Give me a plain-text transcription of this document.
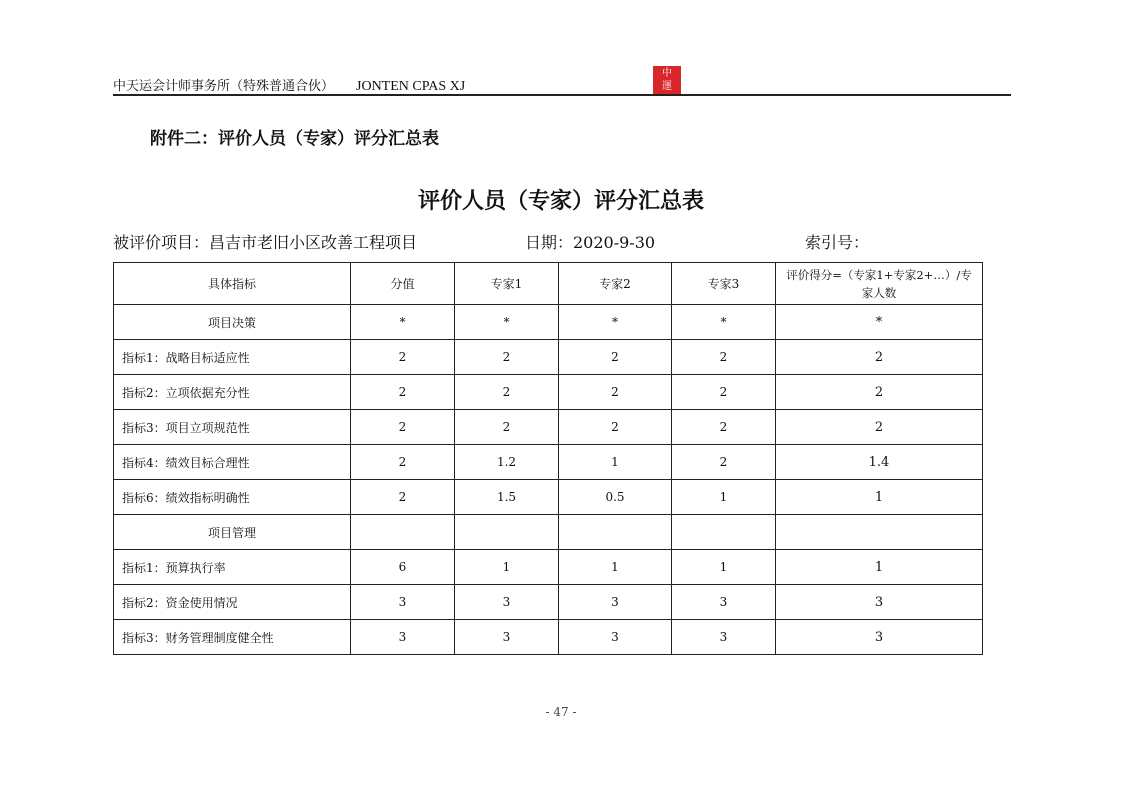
中天运会计师事务所（特殊普通合伙） JONTEN CPAS XJ
中
運
附件二：评价人员（专家）评分汇总表
评价人员（专家）评分汇总表
被评价项目：昌吉市老旧小区改善工程项目	日期：2020-9-30	索引号：
具体指标	分值	专家1	专家2	专家3	评价得分=（专家1+专家2+…）/专家人数
项目决策	*	*	*	*	*
指标1：战略目标适应性	2	2	2	2	2
指标2：立项依据充分性	2	2	2	2	2
指标3：项目立项规范性	2	2	2	2	2
指标4：绩效目标合理性	2	1.2	1	2	1.4
指标6：绩效指标明确性	2	1.5	0.5	1	1
项目管理					
指标1：预算执行率	6	1	1	1	1
指标2：资金使用情况	3	3	3	3	3
指标3：财务管理制度健全性	3	3	3	3	3
- 47 -
